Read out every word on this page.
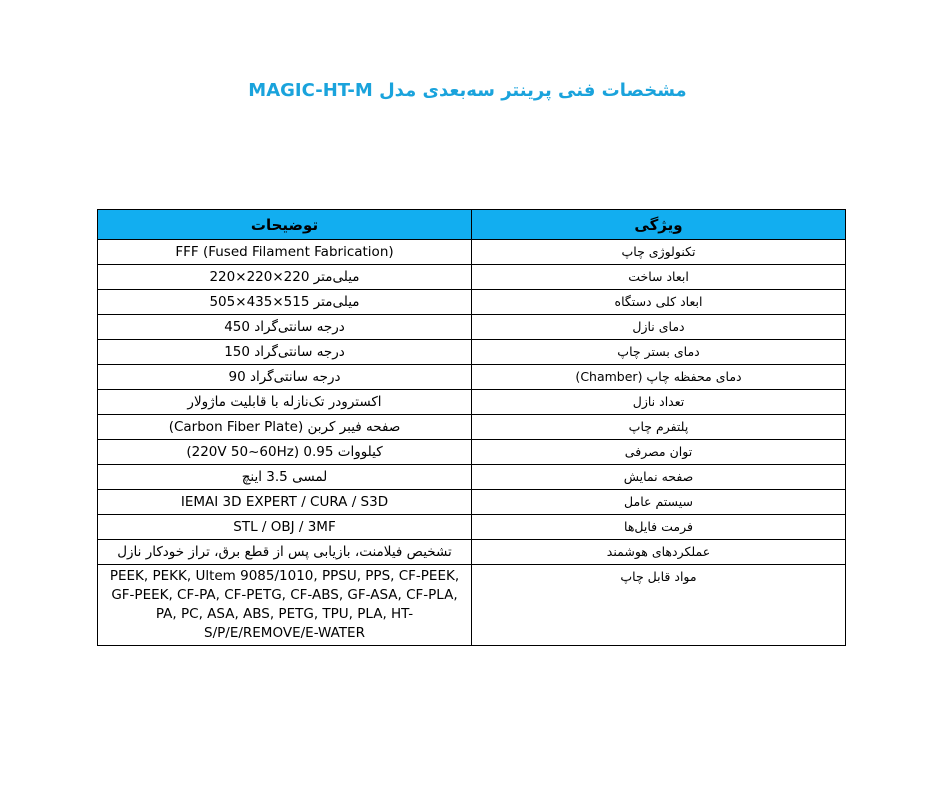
مشخصات فنی پرینتر سه‌بعدی مدل MAGIC-HT-M
ویژگی	توضیحات
تکنولوژی چاپ	FFF (Fused Filament Fabrication)
ابعاد ساخت	میلی‌متر 220×220×220
ابعاد کلی دستگاه	میلی‌متر 515×435×505
دمای نازل	درجه سانتی‌گراد 450
دمای بستر چاپ	درجه سانتی‌گراد 150
دمای محفظه چاپ (Chamber)	درجه سانتی‌گراد 90
تعداد نازل	اکسترودر تک‌نازله با قابلیت ماژولار
پلتفرم چاپ	صفحه فیبر کربن (Carbon Fiber Plate)
توان مصرفی	کیلووات 0.95 (220V 50~60Hz)
صفحه نمایش	لمسی 3.5 اینچ
سیستم عامل	IEMAI 3D EXPERT / CURA / S3D
فرمت فایل‌ها	STL / OBJ / 3MF
عملکردهای هوشمند	تشخیص فیلامنت، بازیابی پس از قطع برق، تراز خودکار نازل
مواد قابل چاپ	PEEK, PEKK, Ultem 9085/1010, PPSU, PPS, CF-PEEK, GF-PEEK, CF-PA, CF-PETG, CF-ABS, GF-ASA, CF-PLA, PA, PC, ASA, ABS, PETG, TPU, PLA, HT-S/P/E/REMOVE/E-WATER
